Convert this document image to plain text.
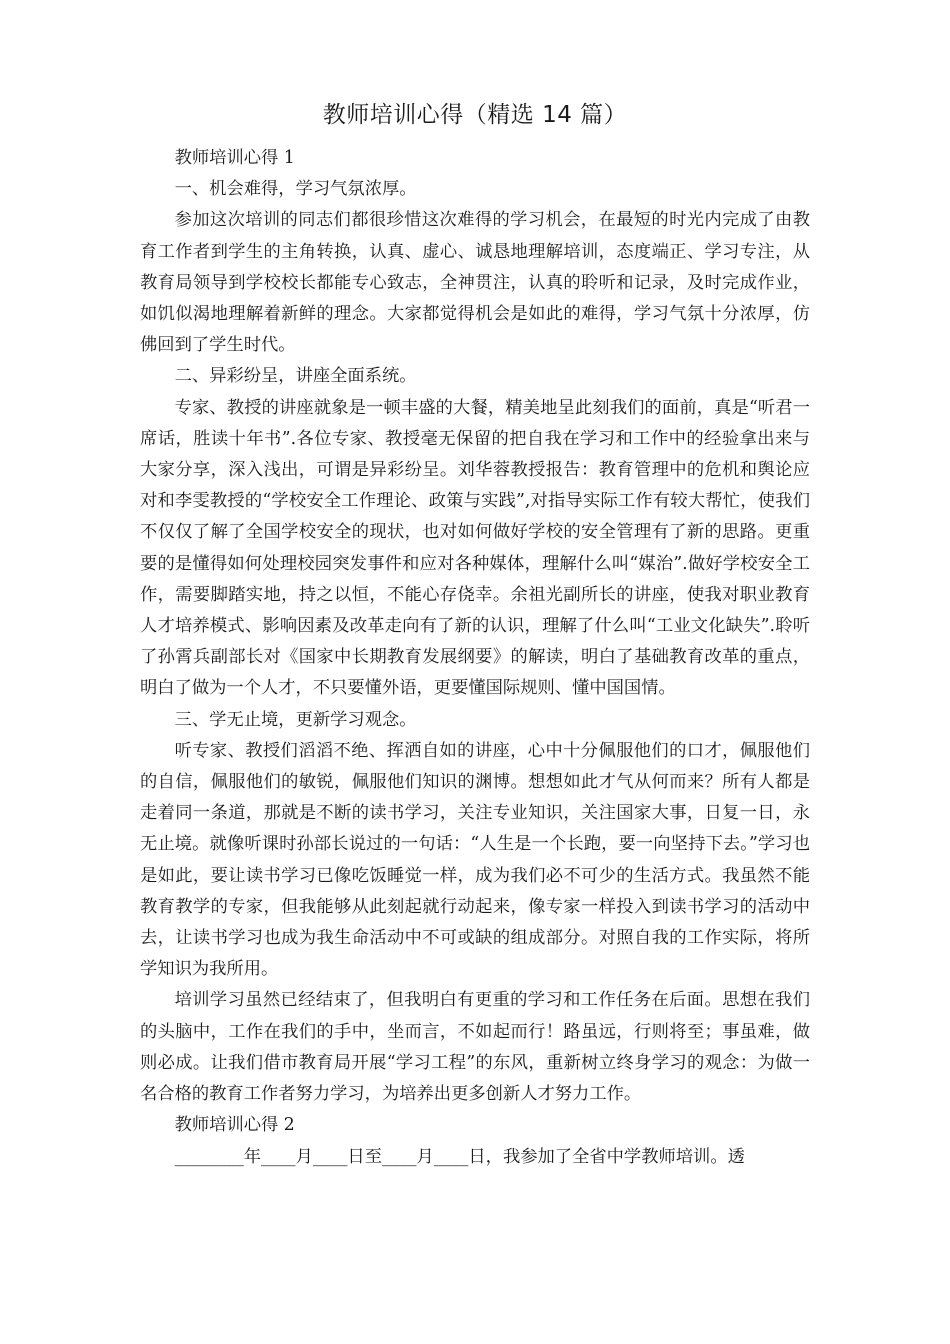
教师培训心得（精选 14 篇）

教师培训心得 1

一、机会难得，学习气氛浓厚。

参加这次培训的同志们都很珍惜这次难得的学习机会，在最短的时光内完成了由教育工作者到学生的主角转换，认真、虚心、诚恳地理解培训，态度端正、学习专注，从教育局领导到学校校长都能专心致志，全神贯注，认真的聆听和记录，及时完成作业，如饥似渴地理解着新鲜的理念。大家都觉得机会是如此的难得，学习气氛十分浓厚，仿佛回到了学生时代。

二、异彩纷呈，讲座全面系统。

专家、教授的讲座就象是一顿丰盛的大餐，精美地呈此刻我们的面前，真是“听君一席话，胜读十年书”.各位专家、教授毫无保留的把自我在学习和工作中的经验拿出来与大家分享，深入浅出，可谓是异彩纷呈。刘华蓉教授报告：教育管理中的危机和舆论应对和李雯教授的“学校安全工作理论、政策与实践”,对指导实际工作有较大帮忙，使我们不仅仅了解了全国学校安全的现状，也对如何做好学校的安全管理有了新的思路。更重要的是懂得如何处理校园突发事件和应对各种媒体，理解什么叫“媒治”.做好学校安全工作，需要脚踏实地，持之以恒，不能心存侥幸。余祖光副所长的讲座，使我对职业教育人才培养模式、影响因素及改革走向有了新的认识，理解了什么叫“工业文化缺失”.聆听了孙霄兵副部长对《国家中长期教育发展纲要》的解读，明白了基础教育改革的重点，明白了做为一个人才，不只要懂外语，更要懂国际规则、懂中国国情。

三、学无止境，更新学习观念。

听专家、教授们滔滔不绝、挥洒自如的讲座，心中十分佩服他们的口才，佩服他们的自信，佩服他们的敏锐，佩服他们知识的渊博。想想如此才气从何而来？所有人都是走着同一条道，那就是不断的读书学习，关注专业知识，关注国家大事，日复一日，永无止境。就像听课时孙部长说过的一句话：“人生是一个长跑，要一向坚持下去。”学习也是如此，要让读书学习已像吃饭睡觉一样，成为我们必不可少的生活方式。我虽然不能教育教学的专家，但我能够从此刻起就行动起来，像专家一样投入到读书学习的活动中去，让读书学习也成为我生命活动中不可或缺的组成部分。对照自我的工作实际，将所学知识为我所用。

培训学习虽然已经结束了，但我明白有更重的学习和工作任务在后面。思想在我们的头脑中，工作在我们的手中，坐而言，不如起而行！路虽远，行则将至；事虽难，做则必成。让我们借市教育局开展“学习工程”的东风，重新树立终身学习的观念：为做一名合格的教育工作者努力学习，为培养出更多创新人才努力工作。

教师培训心得 2

________年____月____日至____月____日，我参加了全省中学教师培训。透
